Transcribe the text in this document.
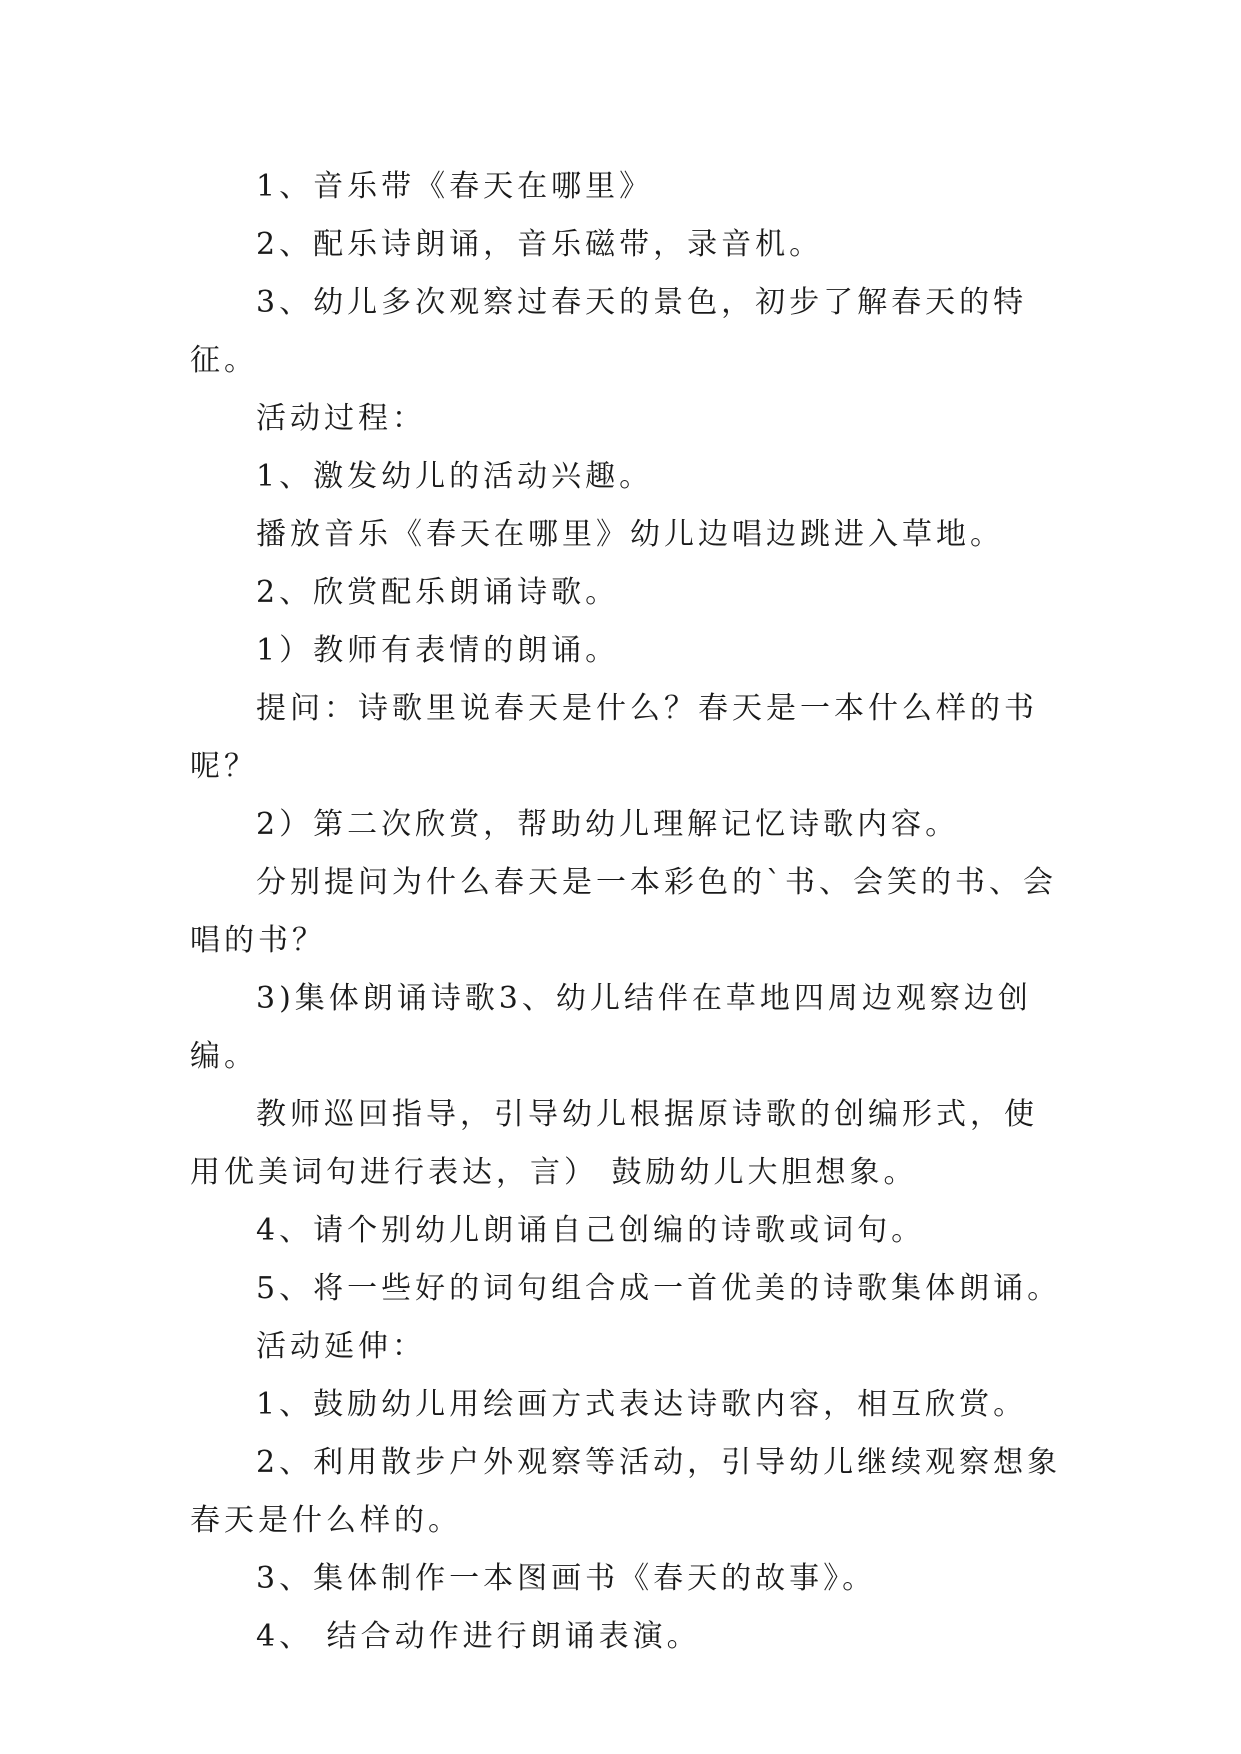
1、音乐带《春天在哪里》

2、配乐诗朗诵，音乐磁带，录音机。

3、幼儿多次观察过春天的景色，初步了解春天的特征。

活动过程：

1、激发幼儿的活动兴趣。

播放音乐《春天在哪里》幼儿边唱边跳进入草地。

2、欣赏配乐朗诵诗歌。

1）教师有表情的朗诵。

提问：诗歌里说春天是什么？春天是一本什么样的书呢？

2）第二次欣赏，帮助幼儿理解记忆诗歌内容。

分别提问为什么春天是一本彩色的`书、会笑的书、会唱的书？

3)集体朗诵诗歌3、幼儿结伴在草地四周边观察边创编。

教师巡回指导，引导幼儿根据原诗歌的创编形式，使用优美词句进行表达，言） 鼓励幼儿大胆想象。

4、请个别幼儿朗诵自己创编的诗歌或词句。

5、将一些好的词句组合成一首优美的诗歌集体朗诵。

活动延伸：

1、鼓励幼儿用绘画方式表达诗歌内容，相互欣赏。

2、利用散步户外观察等活动，引导幼儿继续观察想象春天是什么样的。

3、集体制作一本图画书《春天的故事》。

4、 结合动作进行朗诵表演。
